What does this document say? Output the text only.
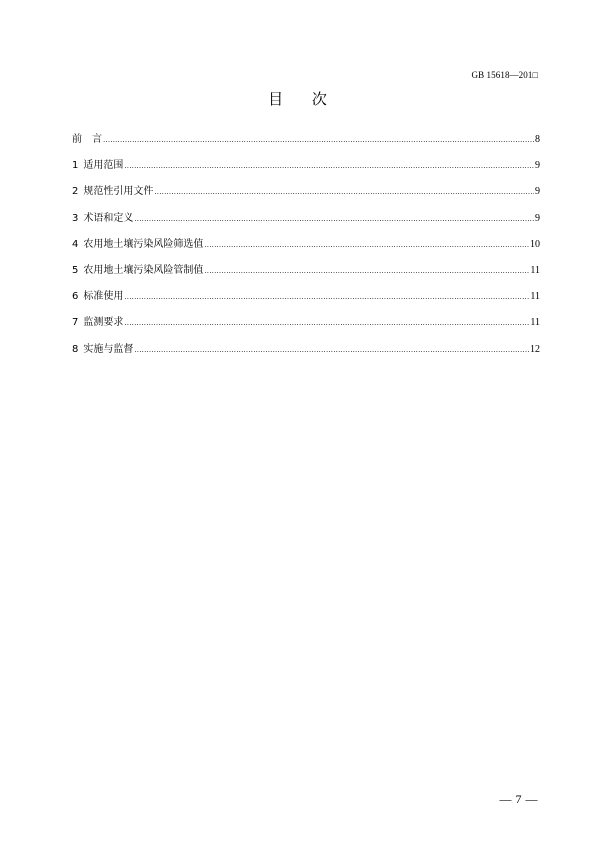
GB 15618—201□
目 次
前　言 .....	8
1 适用范围 .....	9
2 规范性引用文件 .....	9
3 术语和定义 .....	9
4 农用地土壤污染风险筛选值 .....	10
5 农用地土壤污染风险管制值 .....	11
6 标准使用 .....	11
7 监测要求 .....	11
8 实施与监督 .....	12
— 7 —
